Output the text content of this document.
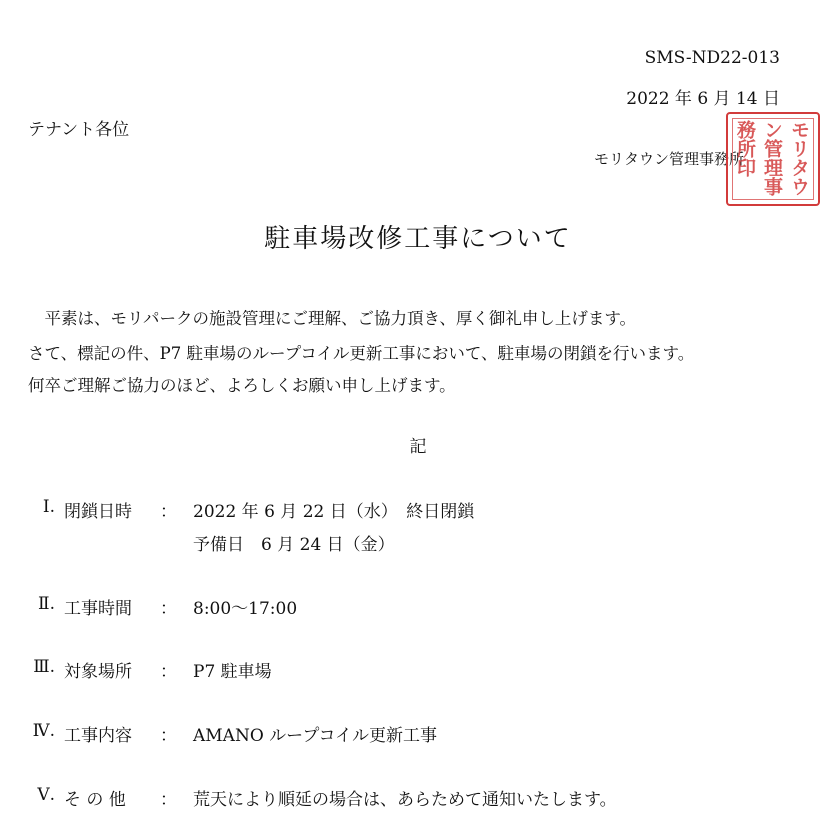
SMS-ND22-013
2022 年 6 月 14 日
テナント各位
モリタウン管理事務所	モリタウン管理事務所印
駐車場改修工事について
　平素は、モリパークの施設管理にご理解、ご協力頂き、厚く御礼申し上げます。
さて、標記の件、P7 駐車場のループコイル更新工事において、駐車場の閉鎖を行います。
何卒ご理解ご協力のほど、よろしくお願い申し上げます。
記
Ⅰ. 閉鎖日時 ： 2022 年 6 月 22 日（水）　終日閉鎖
予備日　6 月 24 日（金）
Ⅱ. 工事時間 ： 8:00〜17:00
Ⅲ. 対象場所 ： P7 駐車場
Ⅳ. 工事内容 ： AMANO ループコイル更新工事
Ⅴ. そ の 他 ： 荒天により順延の場合は、あらためて通知いたします。
